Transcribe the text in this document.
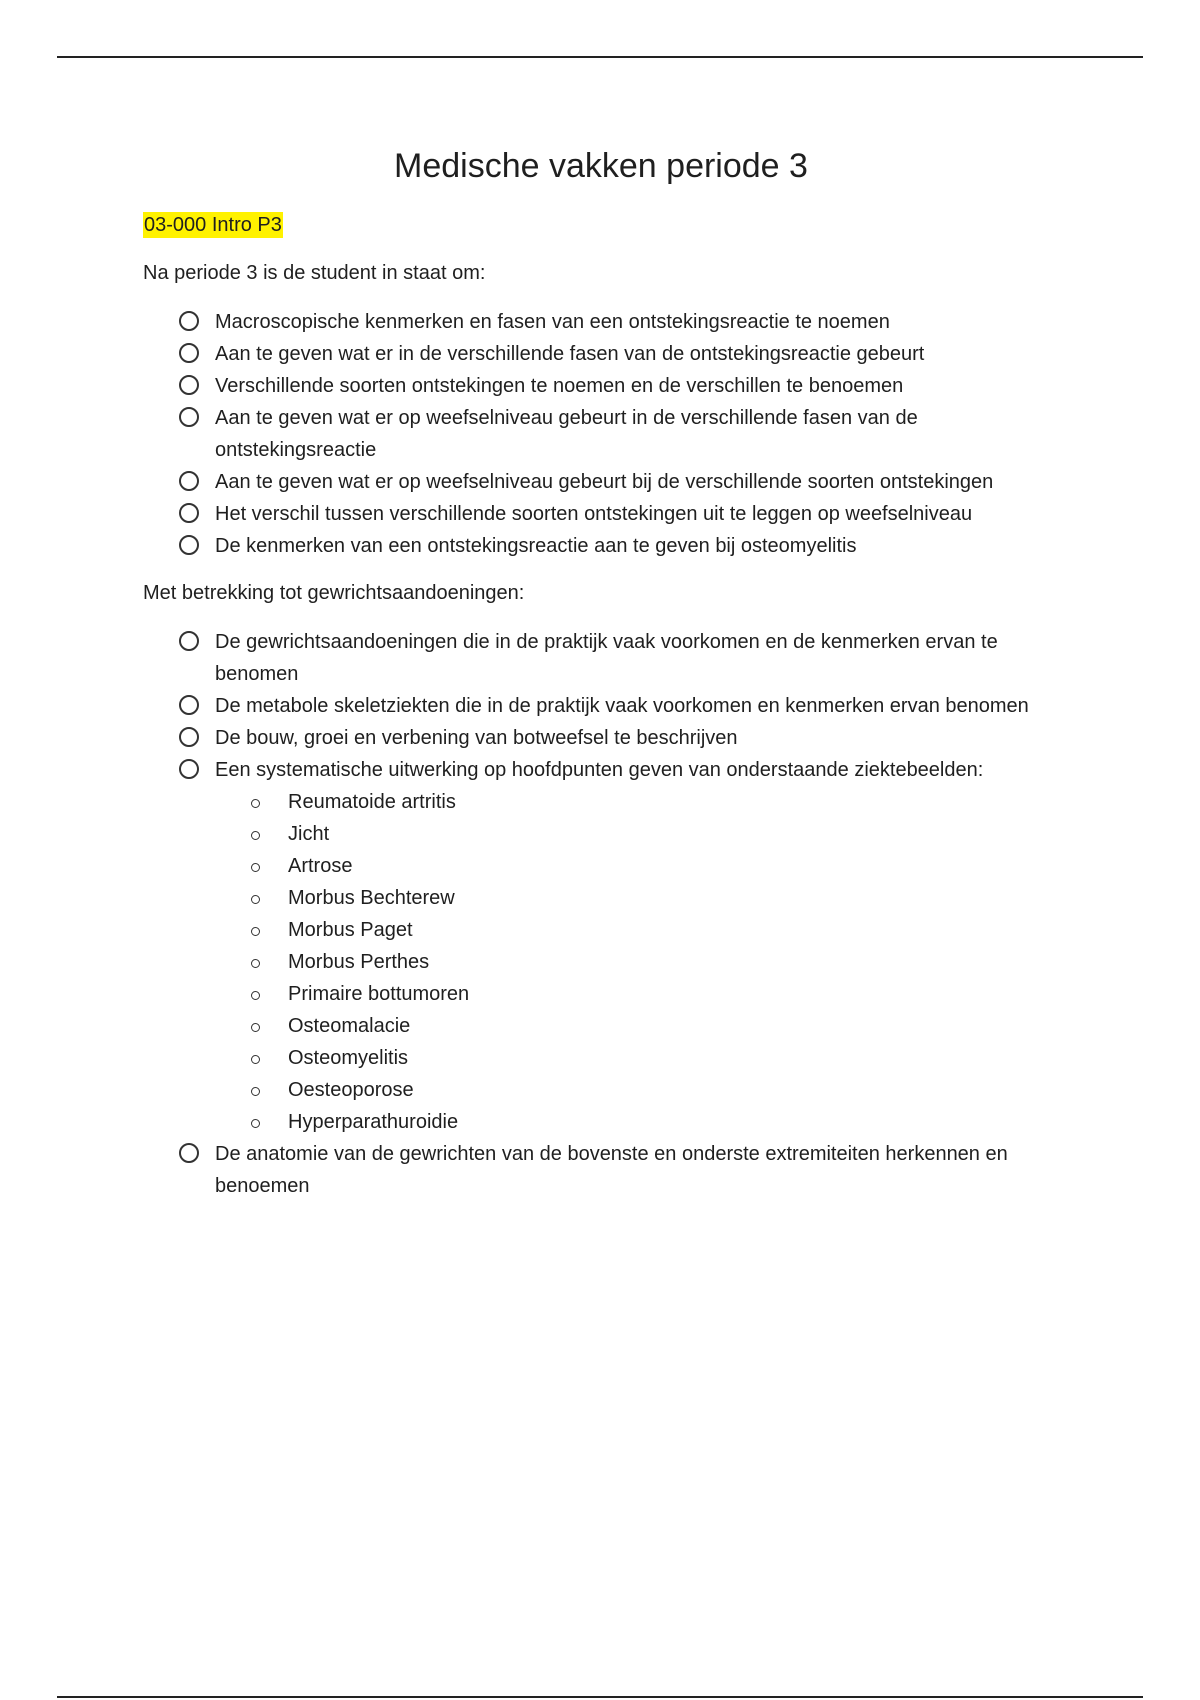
Medische vakken periode 3
03-000 Intro P3

Na periode 3 is de student in staat om:

Macroscopische kenmerken en fasen van een ontstekingsreactie te noemen
Aan te geven wat er in de verschillende fasen van de ontstekingsreactie gebeurt
Verschillende soorten ontstekingen te noemen en de verschillen te benoemen
Aan te geven wat er op weefselniveau gebeurt in de verschillende fasen van de ontstekingsreactie
Aan te geven wat er op weefselniveau gebeurt bij de verschillende soorten ontstekingen
Het verschil tussen verschillende soorten ontstekingen uit te leggen op weefselniveau
De kenmerken van een ontstekingsreactie aan te geven bij osteomyelitis

Met betrekking tot gewrichtsaandoeningen:

De gewrichtsaandoeningen die in de praktijk vaak voorkomen en de kenmerken ervan te benomen
De metabole skeletziekten die in de praktijk vaak voorkomen en kenmerken ervan benomen
De bouw, groei en verbening van botweefsel te beschrijven
Een systematische uitwerking op hoofdpunten geven van onderstaande ziektebeelden:
Reumatoide artritis
Jicht
Artrose
Morbus Bechterew
Morbus Paget
Morbus Perthes
Primaire bottumoren
Osteomalacie
Osteomyelitis
Oesteoporose
Hyperparathuroidie
De anatomie van de gewrichten van de bovenste en onderste extremiteiten herkennen en benoemen
